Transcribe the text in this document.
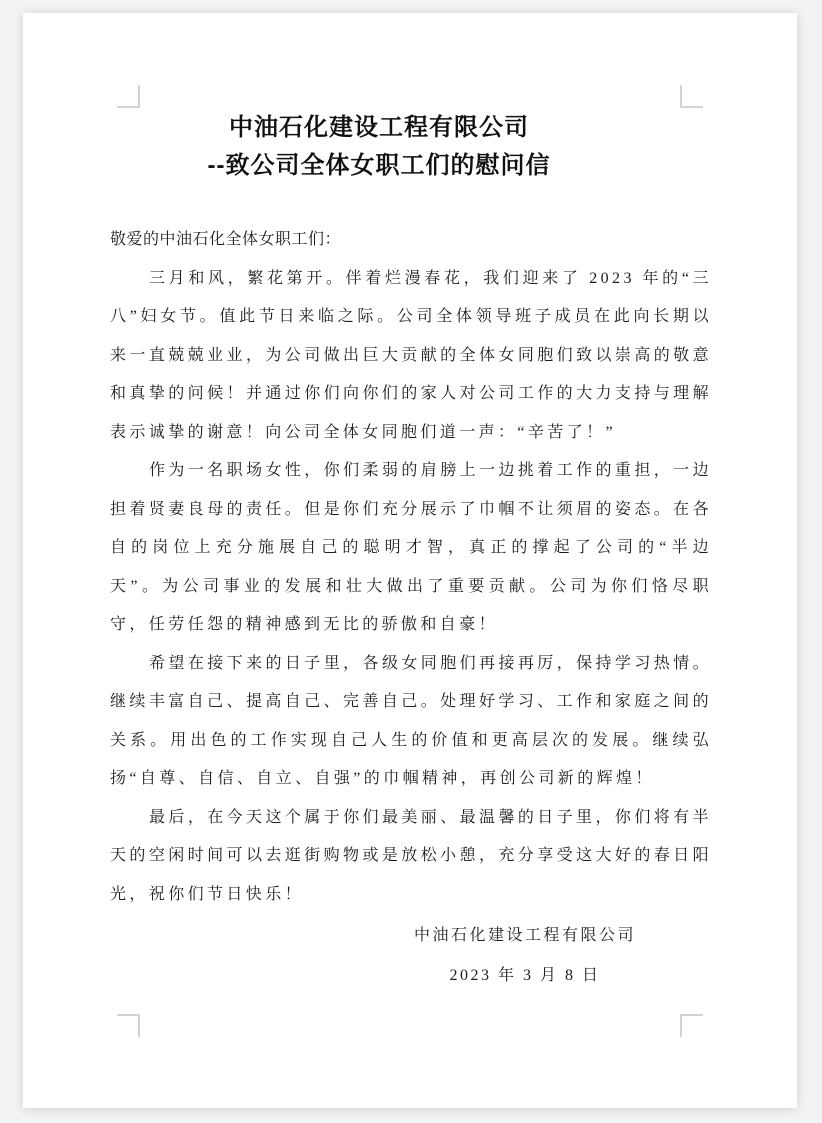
中油石化建设工程有限公司
--致公司全体女职工们的慰问信

敬爱的中油石化全体女职工们：

三月和风，繁花第开。伴着烂漫春花，我们迎来了 2023 年的“三八”妇女节。值此节日来临之际。公司全体领导班子成员在此向长期以来一直兢兢业业，为公司做出巨大贡献的全体女同胞们致以崇高的敬意和真挚的问候！并通过你们向你们的家人对公司工作的大力支持与理解表示诚挚的谢意！向公司全体女同胞们道一声：“辛苦了！”

作为一名职场女性，你们柔弱的肩膀上一边挑着工作的重担，一边担着贤妻良母的责任。但是你们充分展示了巾帼不让须眉的姿态。在各自的岗位上充分施展自己的聪明才智，真正的撑起了公司的“半边天”。为公司事业的发展和壮大做出了重要贡献。公司为你们恪尽职守，任劳任怨的精神感到无比的骄傲和自豪！

希望在接下来的日子里，各级女同胞们再接再厉，保持学习热情。继续丰富自己、提高自己、完善自己。处理好学习、工作和家庭之间的关系。用出色的工作实现自己人生的价值和更高层次的发展。继续弘扬“自尊、自信、自立、自强”的巾帼精神，再创公司新的辉煌！

最后，在今天这个属于你们最美丽、最温馨的日子里，你们将有半天的空闲时间可以去逛街购物或是放松小憩，充分享受这大好的春日阳光，祝你们节日快乐！

中油石化建设工程有限公司
2023 年 3 月 8 日
